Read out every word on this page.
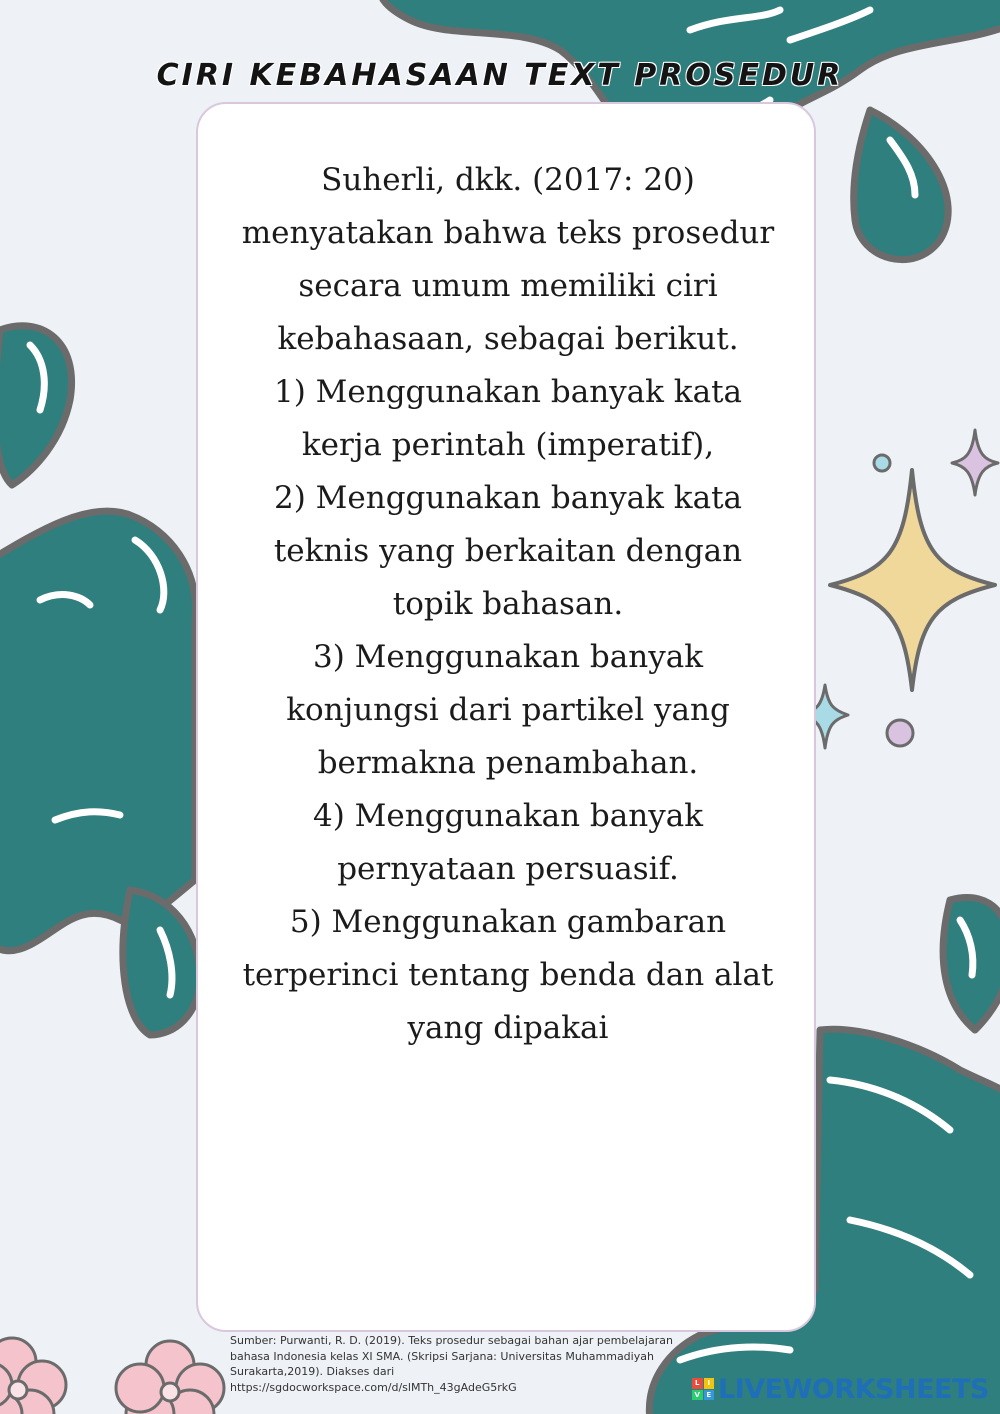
CIRI KEBAHASAAN TEXT PROSEDUR

Suherli, dkk. (2017: 20) menyatakan bahwa teks prosedur secara umum memiliki ciri kebahasaan, sebagai berikut.

1) Menggunakan banyak kata kerja perintah (imperatif),

2) Menggunakan banyak kata teknis yang berkaitan dengan topik bahasan.

3) Menggunakan banyak konjungsi dari partikel yang bermakna penambahan.

4) Menggunakan banyak pernyataan persuasif.

5) Menggunakan gambaran terperinci tentang benda dan alat yang dipakai

Sumber: Purwanti, R. D. (2019). Teks prosedur sebagai bahan ajar pembelajaran bahasa Indonesia kelas XI SMA. (Skripsi Sarjana: Universitas Muhammadiyah Surakarta,2019). Diakses dari https://sgdocworkspace.com/d/slMTh_43gAdeG5rkG	L	I
V E LIVEWORKSHEETS
